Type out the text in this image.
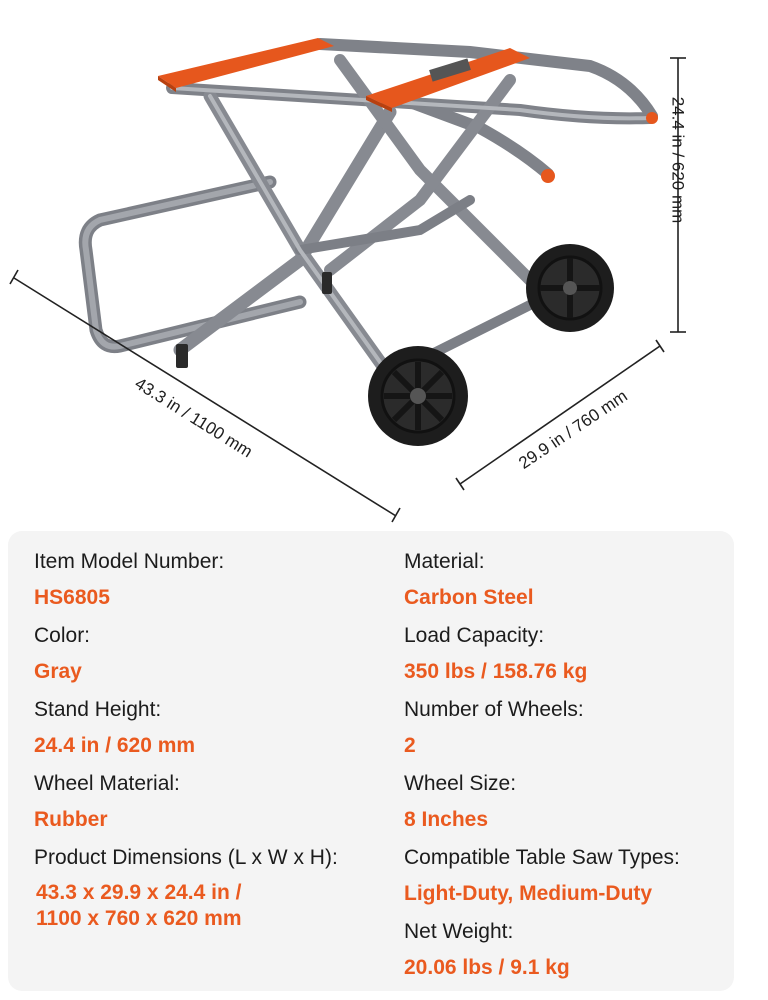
24.4 in / 620 mm
43.3 in / 1100 mm	29.9 in / 760 mm
Item Model Number:
HS6805
Color:
Gray
Stand Height:
24.4 in / 620 mm
Wheel Material:
Rubber
Product Dimensions (L x W x H):
43.3 x 29.9 x 24.4 in /
1100 x 760 x 620 mm
Material:
Carbon Steel
Load Capacity:
350 lbs / 158.76 kg
Number of Wheels:
2
Wheel Size:
8 Inches
Compatible Table Saw Types:
Light-Duty, Medium-Duty
Net Weight:
20.06 lbs / 9.1 kg
